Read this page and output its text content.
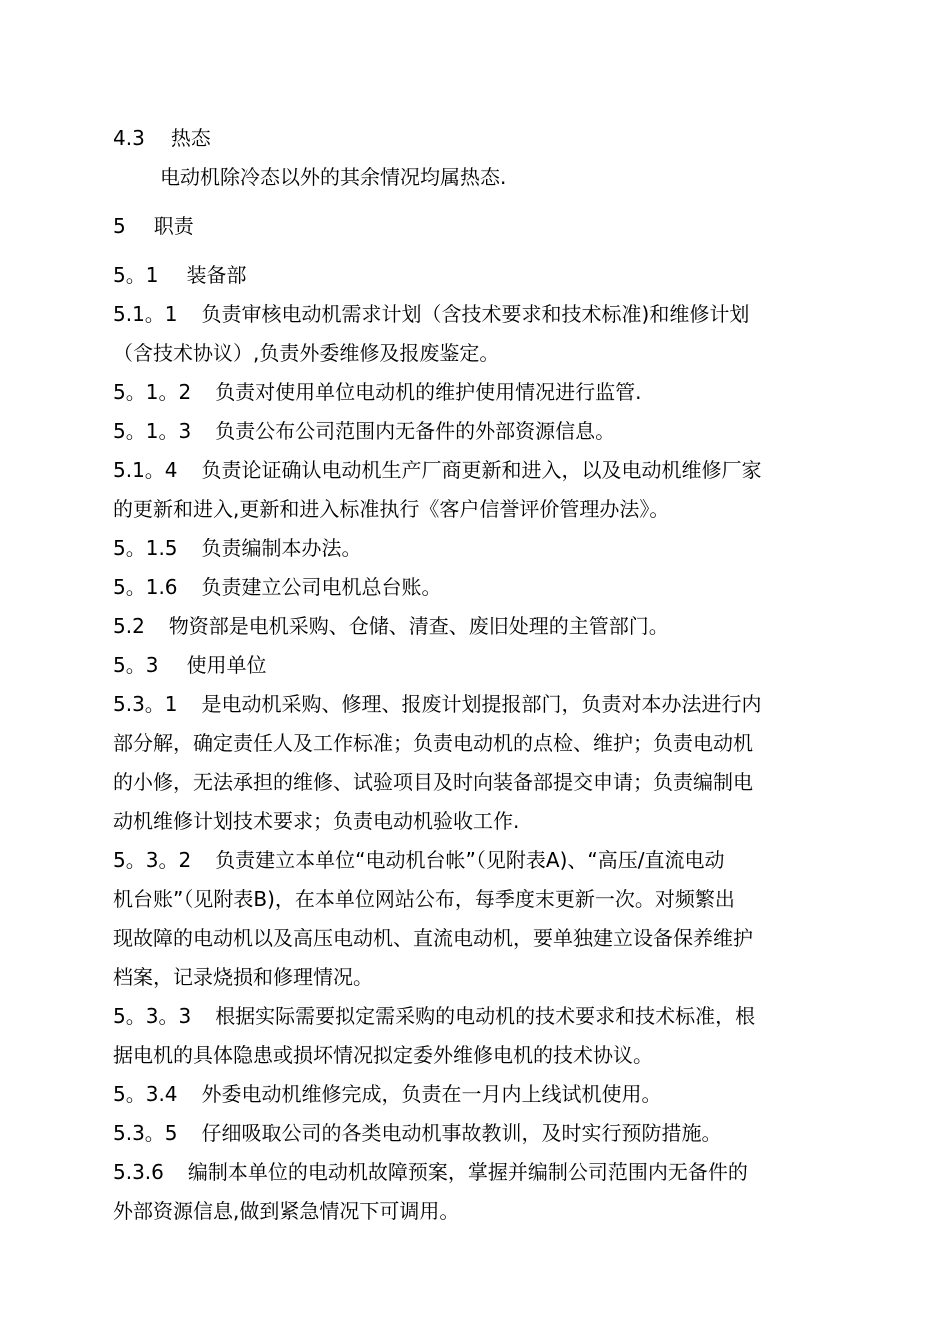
4.3 热态
电动机除冷态以外的其余情况均属热态.
5 职责
5。1 装备部
5.1。1 负责审核电动机需求计划（含技术要求和技术标准)和维修计划
（含技术协议）,负责外委维修及报废鉴定。
5。1。2 负责对使用单位电动机的维护使用情况进行监管.
5。1。3 负责公布公司范围内无备件的外部资源信息。
5.1。4 负责论证确认电动机生产厂商更新和进入，以及电动机维修厂家
的更新和进入,更新和进入标准执行《客户信誉评价管理办法》。
5。1.5 负责编制本办法。
5。1.6 负责建立公司电机总台账。
5.2 物资部是电机采购、仓储、清查、废旧处理的主管部门。
5。3 使用单位
5.3。1 是电动机采购、修理、报废计划提报部门，负责对本办法进行内
部分解，确定责任人及工作标准；负责电动机的点检、维护；负责电动机
的小修，无法承担的维修、试验项目及时向装备部提交申请；负责编制电
动机维修计划技术要求；负责电动机验收工作.
5。3。2 负责建立本单位“电动机台帐”（见附表A)、“高压/直流电动
机台账”（见附表B)，在本单位网站公布，每季度末更新一次。对频繁出
现故障的电动机以及高压电动机、直流电动机，要单独建立设备保养维护
档案，记录烧损和修理情况。
5。3。3 根据实际需要拟定需采购的电动机的技术要求和技术标准，根
据电机的具体隐患或损坏情况拟定委外维修电机的技术协议。
5。3.4 外委电动机维修完成，负责在一月内上线试机使用。
5.3。5 仔细吸取公司的各类电动机事故教训，及时实行预防措施。
5.3.6 编制本单位的电动机故障预案，掌握并编制公司范围内无备件的
外部资源信息,做到紧急情况下可调用。
